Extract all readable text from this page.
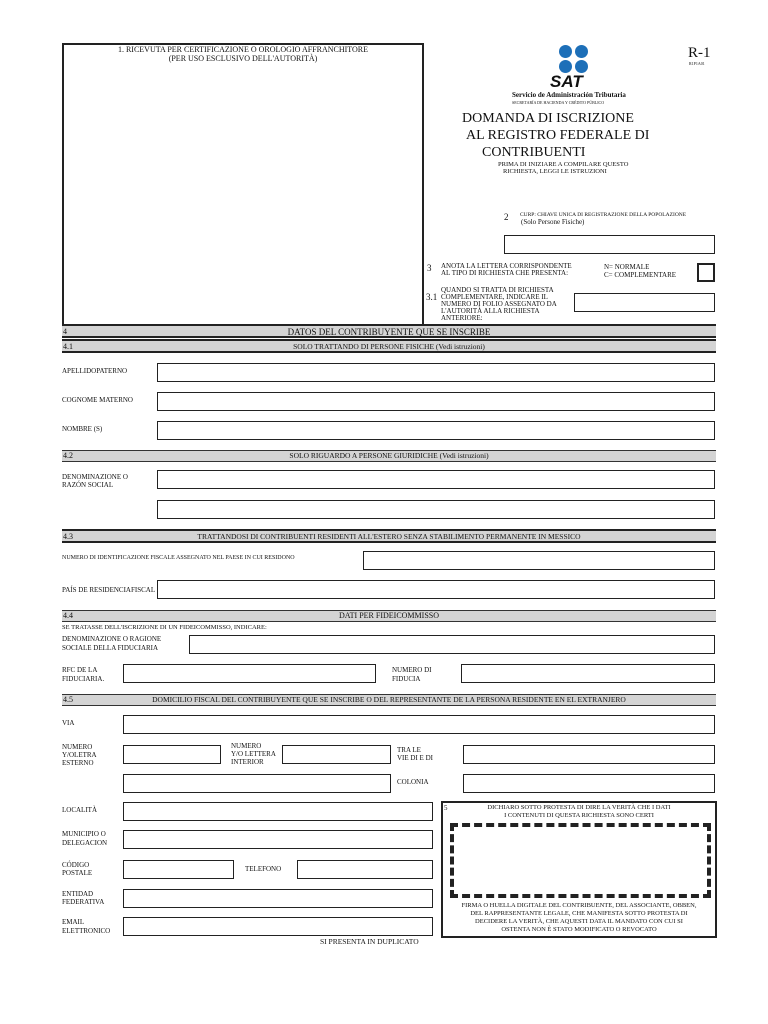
1. RICEVUTA PER CERTIFICAZIONE O OROLOGIO AFFRANCHITORE
(PER USO ESCLUSIVO DELL'AUTORITÀ)
SAT
Servicio de Administración Tributaria
SECRETARÍA DE HACIENDA Y CRÉDITO PÚBLICO
R-1
R1P1A01
DOMANDA DI ISCRIZIONE
AL REGISTRO FEDERALE DI
CONTRIBUENTI
PRIMA DI INIZIARE A COMPILARE QUESTO
RICHIESTA, LEGGI LE ISTRUZIONI
2 CURP: CHIAVE UNICA DI REGISTRAZIONE DELLA POPOLAZIONE
(Solo Persone Fisiche)
3 ANOTA LA LETTERA CORRISPONDENTE
AL TIPO DI RICHIESTA CHE PRESENTA:
N= NORMALE
C= COMPLEMENTARE
3.1
QUANDO SI TRATTA DI RICHIESTA
COMPLEMENTARE, INDICARE IL
NUMERO DI FOLIO ASSEGNATO DA
L'AUTORITÀ ALLA RICHIESTA
ANTERIORE:
4	DATOS DEL CONTRIBUYENTE QUE SE INSCRIBE
4.1	SOLO TRATTANDO DI PERSONE FISICHE (Vedi istruzioni)
APELLIDOPATERNO
COGNOME MATERNO
NOMBRE (S)
4.2	SOLO RIGUARDO A PERSONE GIURIDICHE (Vedi istruzioni)
DENOMINAZIONE O
RAZÓN SOCIAL
4.3	TRATTANDOSI DI CONTRIBUENTI RESIDENTI ALL'ESTERO SENZA STABILIMENTO PERMANENTE IN MESSICO
NUMERO DI IDENTIFICAZIONE FISCALE ASSEGNATO NEL PAESE IN CUI RESIDONO
PAÍS DE RESIDENCIAFISCAL
4.4	DATI PER FIDEICOMMISSO
SE TRATASSE DELL'ISCRIZIONE DI UN FIDEICOMMISSO, INDICARE:
DENOMINAZIONE O RAGIONE
SOCIALE DELLA FIDUCIARIA
RFC DE LA
FIDUCIARIA.
NUMERO DI
FIDUCIA
4.5	DOMICILIO FISCAL DEL CONTRIBUYENTE QUE SE INSCRIBE O DEL REPRESENTANTE DE LA PERSONA RESIDENTE EN EL EXTRANJERO
VIA
NUMERO
Y/OLETRA
ESTERNO
NUMERO
Y/O LETTERA
INTERIOR
TRA LE
VIE DI E DI
COLONIA
LOCALITÀ
MUNICIPIO O
DELEGACION
CÓDIGO
POSTALE	TELEFONO
ENTIDAD
FEDERATIVA
EMAIL
ELETTRONICO
5	DICHIARO SOTTO PROTESTA DI DIRE LA VERITÀ CHE I DATI
I CONTENUTI DI QUESTA RICHIESTA SONO CERTI
FIRMA O HUELLA DIGITALE DEL CONTRIBUENTE, DEL ASSOCIANTE, OBBEN,
DEL RAPPRESENTANTE LEGALE, CHE MANIFESTA SOTTO PROTESTA DI
DECIDERE LA VERITÀ, CHE AQUESTI DATA IL MANDATO CON CUI SI
OSTENTA NON È STATO MODIFICATO O REVOCATO
SI PRESENTA IN DUPLICATO
